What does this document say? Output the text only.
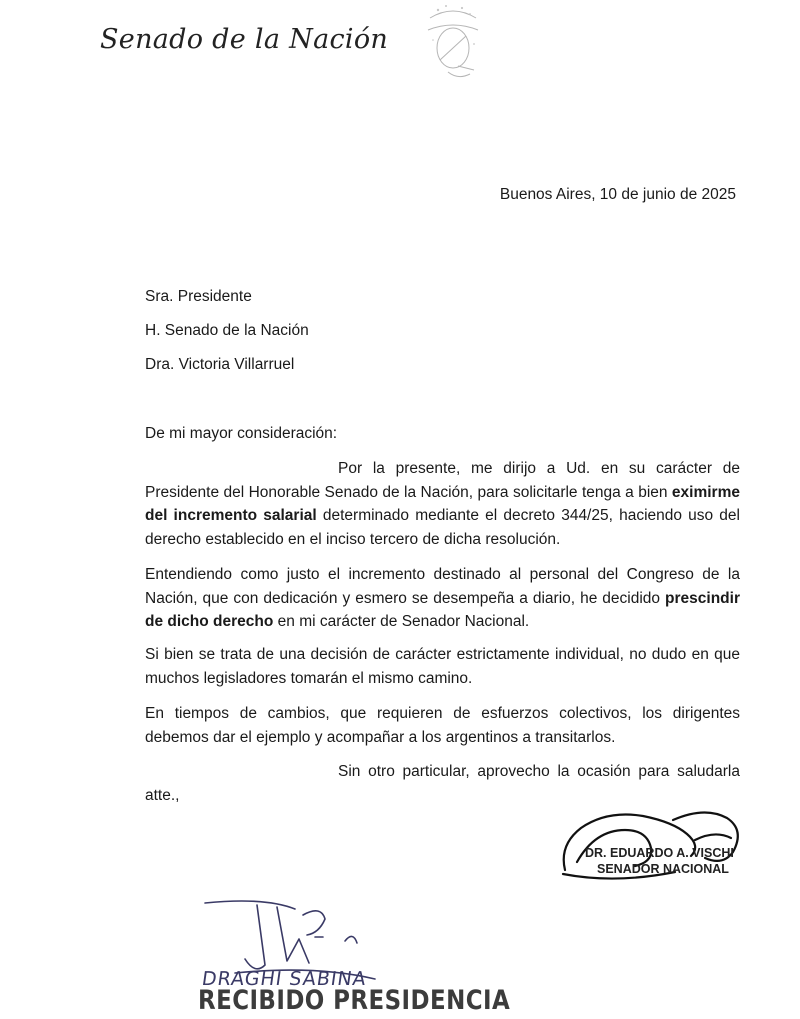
Senado de la Nación
Buenos Aires, 10 de junio de 2025
Sra. Presidente
H. Senado de la Nación
Dra. Victoria Villarruel
De mi mayor consideración:
Por la presente, me dirijo a Ud. en su carácter de Presidente del Honorable Senado de la Nación, para solicitarle tenga a bien eximirme del incremento salarial determinado mediante el decreto 344/25, haciendo uso del derecho establecido en el inciso tercero de dicha resolución.
Entendiendo como justo el incremento destinado al personal del Congreso de la Nación, que con dedicación y esmero se desempeña a diario, he decidido prescindir de dicho derecho en mi carácter de Senador Nacional.
Si bien se trata de una decisión de carácter estrictamente individual, no dudo en que muchos legisladores tomarán el mismo camino.
En tiempos de cambios, que requieren de esfuerzos colectivos, los dirigentes debemos dar el ejemplo y acompañar a los argentinos a transitarlos.
Sin otro particular, aprovecho la ocasión para saludarla atte.,
DR. EDUARDO A. VISCHI
SENADOR NACIONAL
DRAGHI SABINA
RECIBIDO PRESIDENCIA
